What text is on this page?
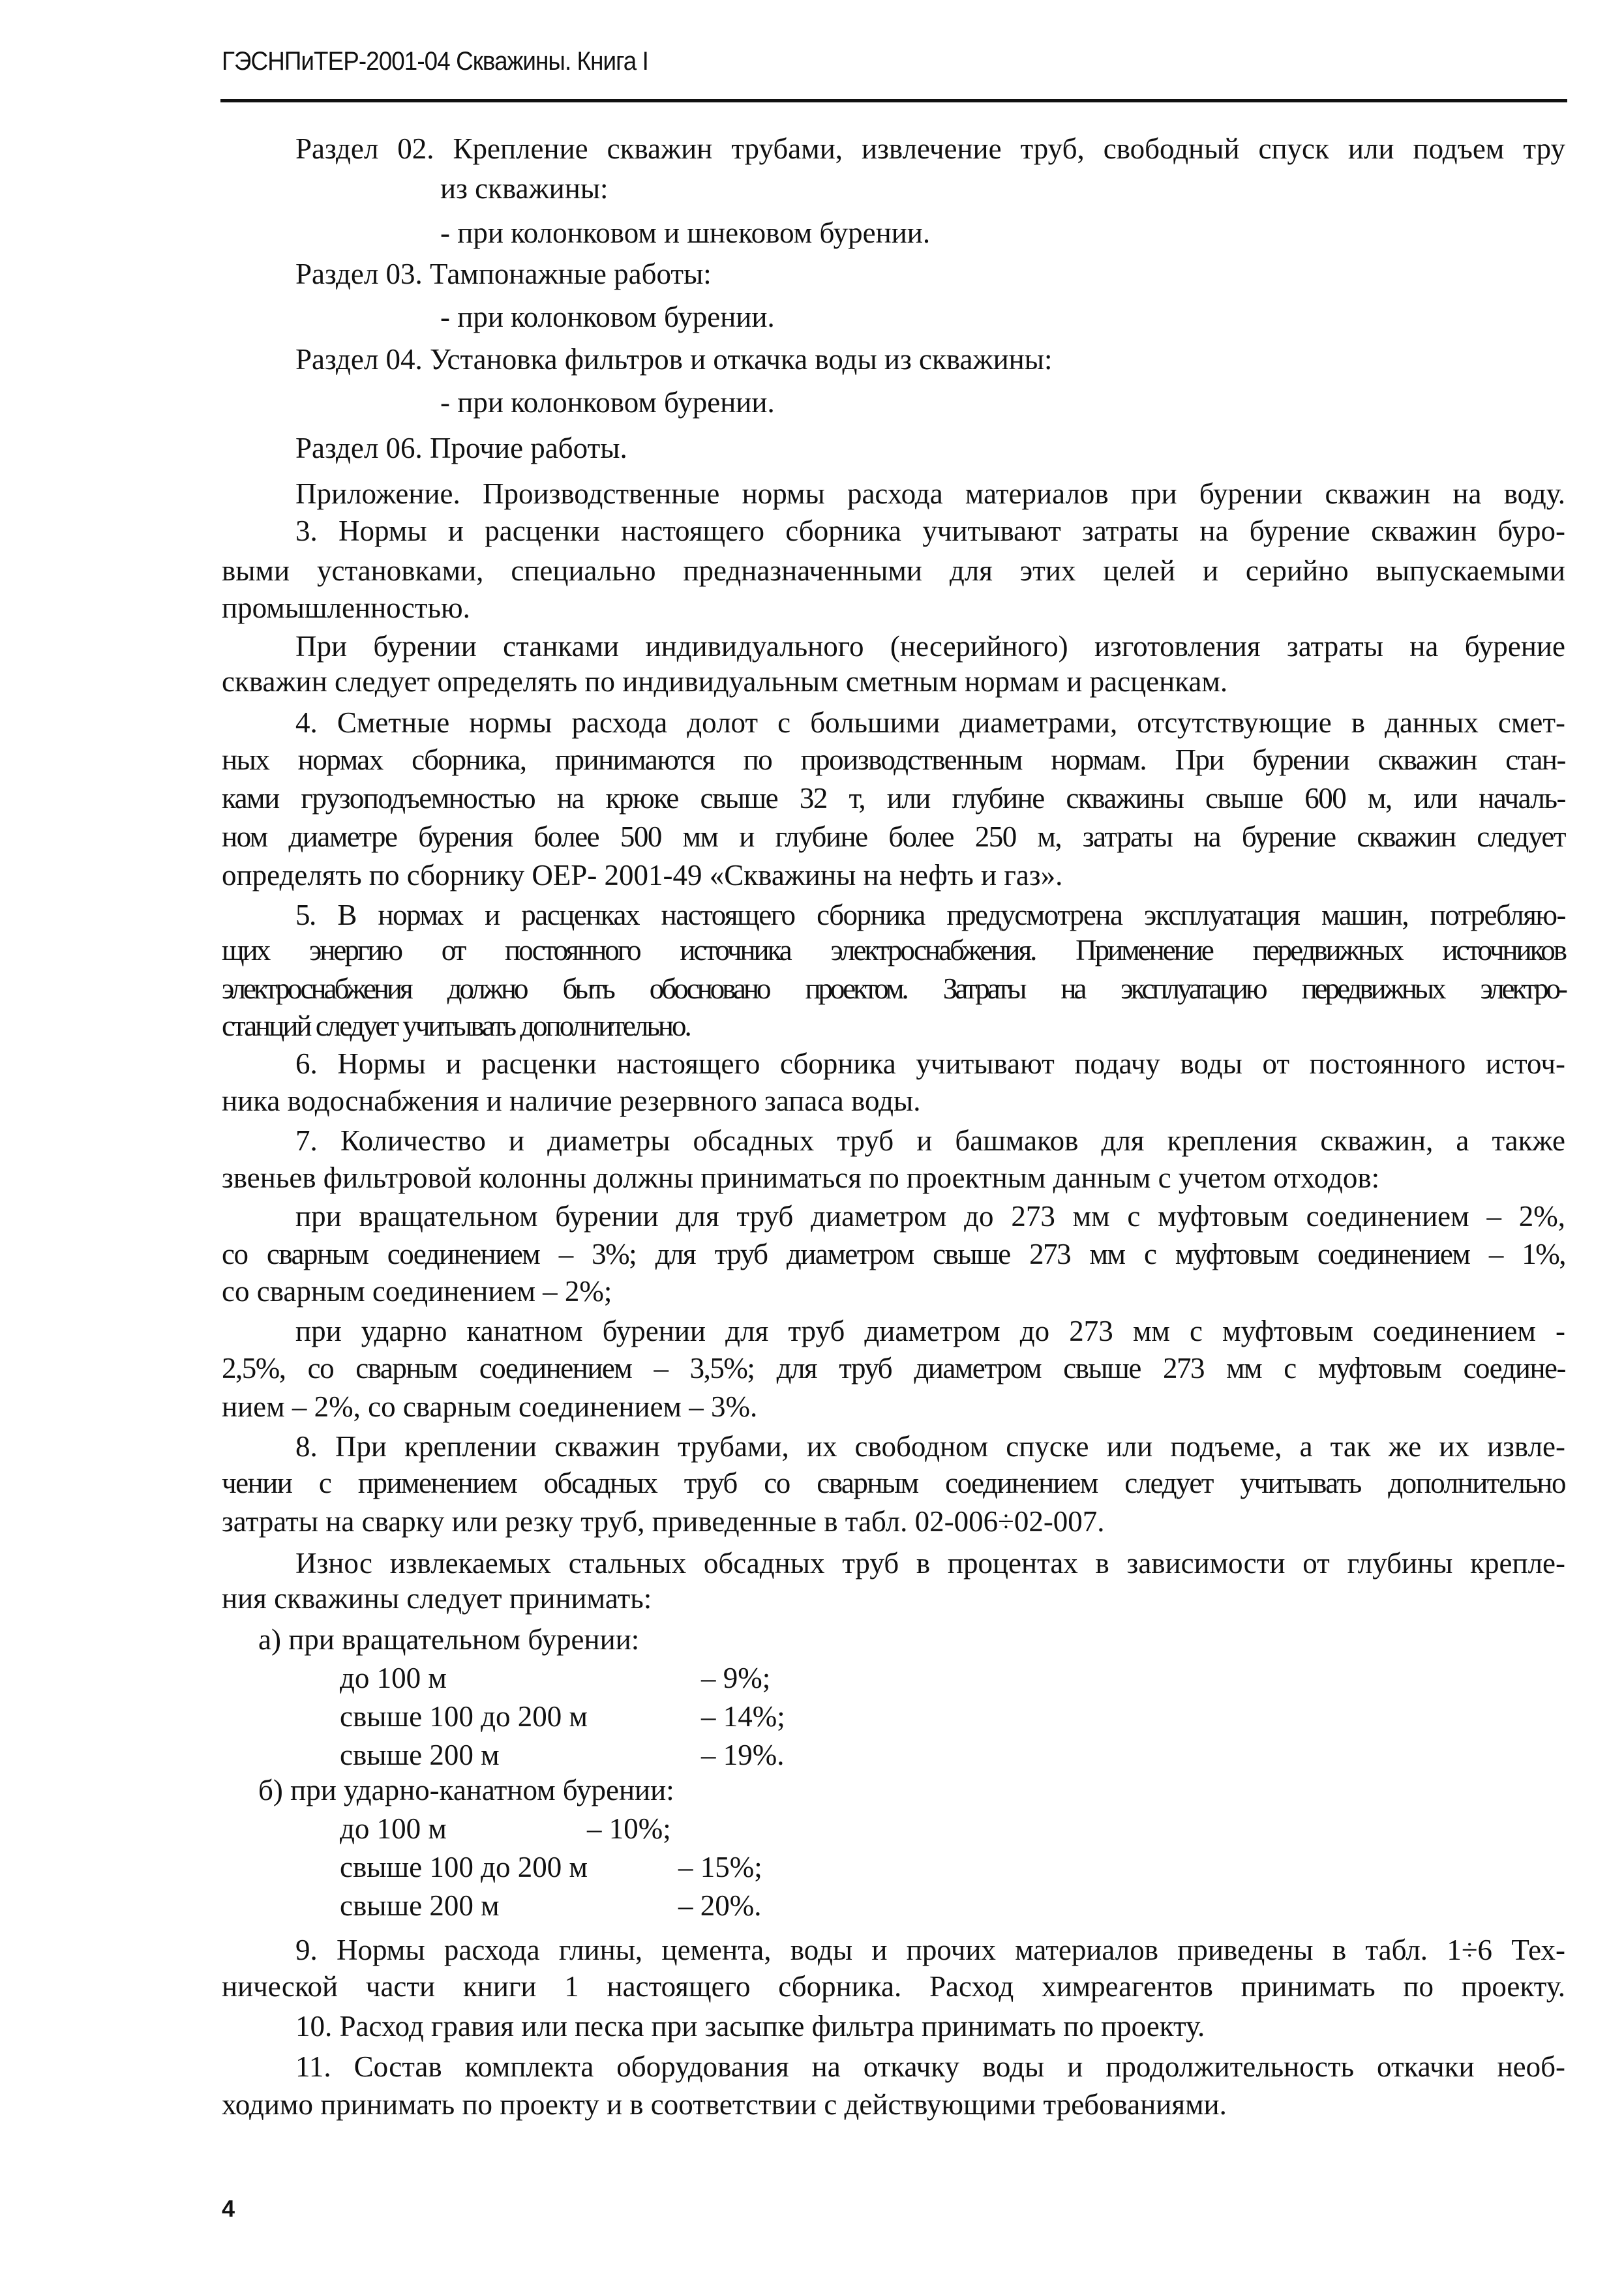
ГЭСНПиТЕР-2001-04 Скважины. Книга I
Раздел 02. Крепление скважин трубами, извлечение труб, свободный спуск или подъем тру
из скважины:
- при колонковом и шнековом бурении.
Раздел 03. Тампонажные работы:
- при колонковом бурении.
Раздел 04. Установка фильтров и откачка воды из скважины:
- при колонковом бурении.
Раздел 06. Прочие работы.
Приложение. Производственные нормы расхода материалов при бурении скважин на воду.
3. Нормы и расценки настоящего сборника учитывают затраты на бурение скважин буро-
выми установками, специально предназначенными для этих целей и серийно выпускаемыми
промышленностью.
При бурении станками индивидуального (несерийного) изготовления затраты на бурение
скважин следует определять по индивидуальным сметным нормам и расценкам.
4. Сметные нормы расхода долот с большими диаметрами, отсутствующие в данных смет-
ных нормах сборника, принимаются по производственным нормам. При бурении скважин стан-
ками грузоподъемностью на крюке свыше 32 т, или глубине скважины свыше 600 м, или началь-
ном диаметре бурения более 500 мм и глубине более 250 м, затраты на бурение скважин следует
определять по сборнику ОЕР- 2001-49 «Скважины на нефть и газ».
5. В нормах и расценках настоящего сборника предусмотрена эксплуатация машин, потребляю-
щих энергию от постоянного источника электроснабжения. Применение передвижных источников
электроснабжения должно быть обосновано проектом. Затраты на эксплуатацию передвижных электро-
станций следует учитывать дополнительно.
6. Нормы и расценки настоящего сборника учитывают подачу воды от постоянного источ-
ника водоснабжения и наличие резервного запаса воды.
7. Количество и диаметры обсадных труб и башмаков для крепления скважин, а также
звеньев фильтровой колонны должны приниматься по проектным данным с учетом отходов:
при вращательном бурении для труб диаметром до 273 мм с муфтовым соединением – 2%,
со сварным соединением – 3%; для труб диаметром свыше 273 мм с муфтовым соединением – 1%,
со сварным соединением – 2%;
при ударно канатном бурении для труб диаметром до 273 мм с муфтовым соединением -
2,5%, со сварным соединением – 3,5%; для труб диаметром свыше 273 мм с муфтовым соедине-
нием – 2%, со сварным соединением – 3%.
8. При креплении скважин трубами, их свободном спуске или подъеме, а так же их извле-
чении с применением обсадных труб со сварным соединением следует учитывать дополнительно
затраты на сварку или резку труб, приведенные в табл. 02-006÷02-007.
Износ извлекаемых стальных обсадных труб в процентах в зависимости от глубины крепле-
ния скважины следует принимать:
а) при вращательном бурении:
до 100 м	– 9%;
свыше 100 до 200 м	– 14%;
свыше 200 м	– 19%.
б) при ударно-канатном бурении:
до 100 м	– 10%;
свыше 100 до 200 м	– 15%;
свыше 200 м	– 20%.
9. Нормы расхода глины, цемента, воды и прочих материалов приведены в табл. 1÷6 Тех-
нической части книги 1 настоящего сборника. Расход химреагентов принимать по проекту.
10. Расход гравия или песка при засыпке фильтра принимать по проекту.
11. Состав комплекта оборудования на откачку воды и продолжительность откачки необ-
ходимо принимать по проекту и в соответствии с действующими требованиями.
4
